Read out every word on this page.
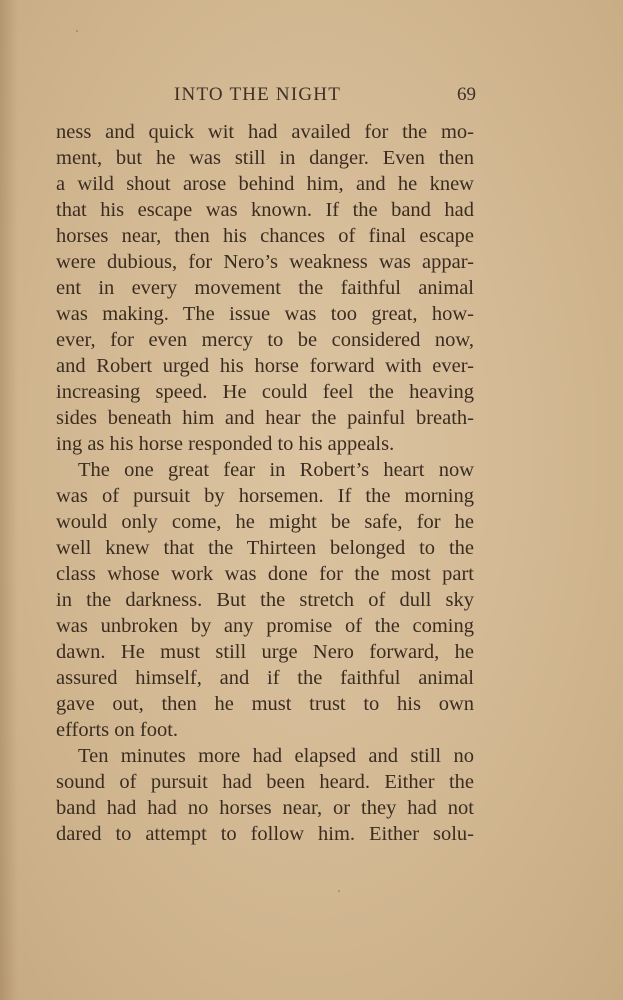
INTO THE NIGHT	69
ness and quick wit had availed for the mo-
ment, but he was still in danger. Even then
a wild shout arose behind him, and he knew
that his escape was known. If the band had
horses near, then his chances of final escape
were dubious, for Nero’s weakness was appar-
ent in every movement the faithful animal
was making. The issue was too great, how-
ever, for even mercy to be considered now,
and Robert urged his horse forward with ever-
increasing speed. He could feel the heaving
sides beneath him and hear the painful breath-
ing as his horse responded to his appeals.
The one great fear in Robert’s heart now
was of pursuit by horsemen. If the morning
would only come, he might be safe, for he
well knew that the Thirteen belonged to the
class whose work was done for the most part
in the darkness. But the stretch of dull sky
was unbroken by any promise of the coming
dawn. He must still urge Nero forward, he
assured himself, and if the faithful animal
gave out, then he must trust to his own
efforts on foot.
Ten minutes more had elapsed and still no
sound of pursuit had been heard. Either the
band had had no horses near, or they had not
dared to attempt to follow him. Either solu-
